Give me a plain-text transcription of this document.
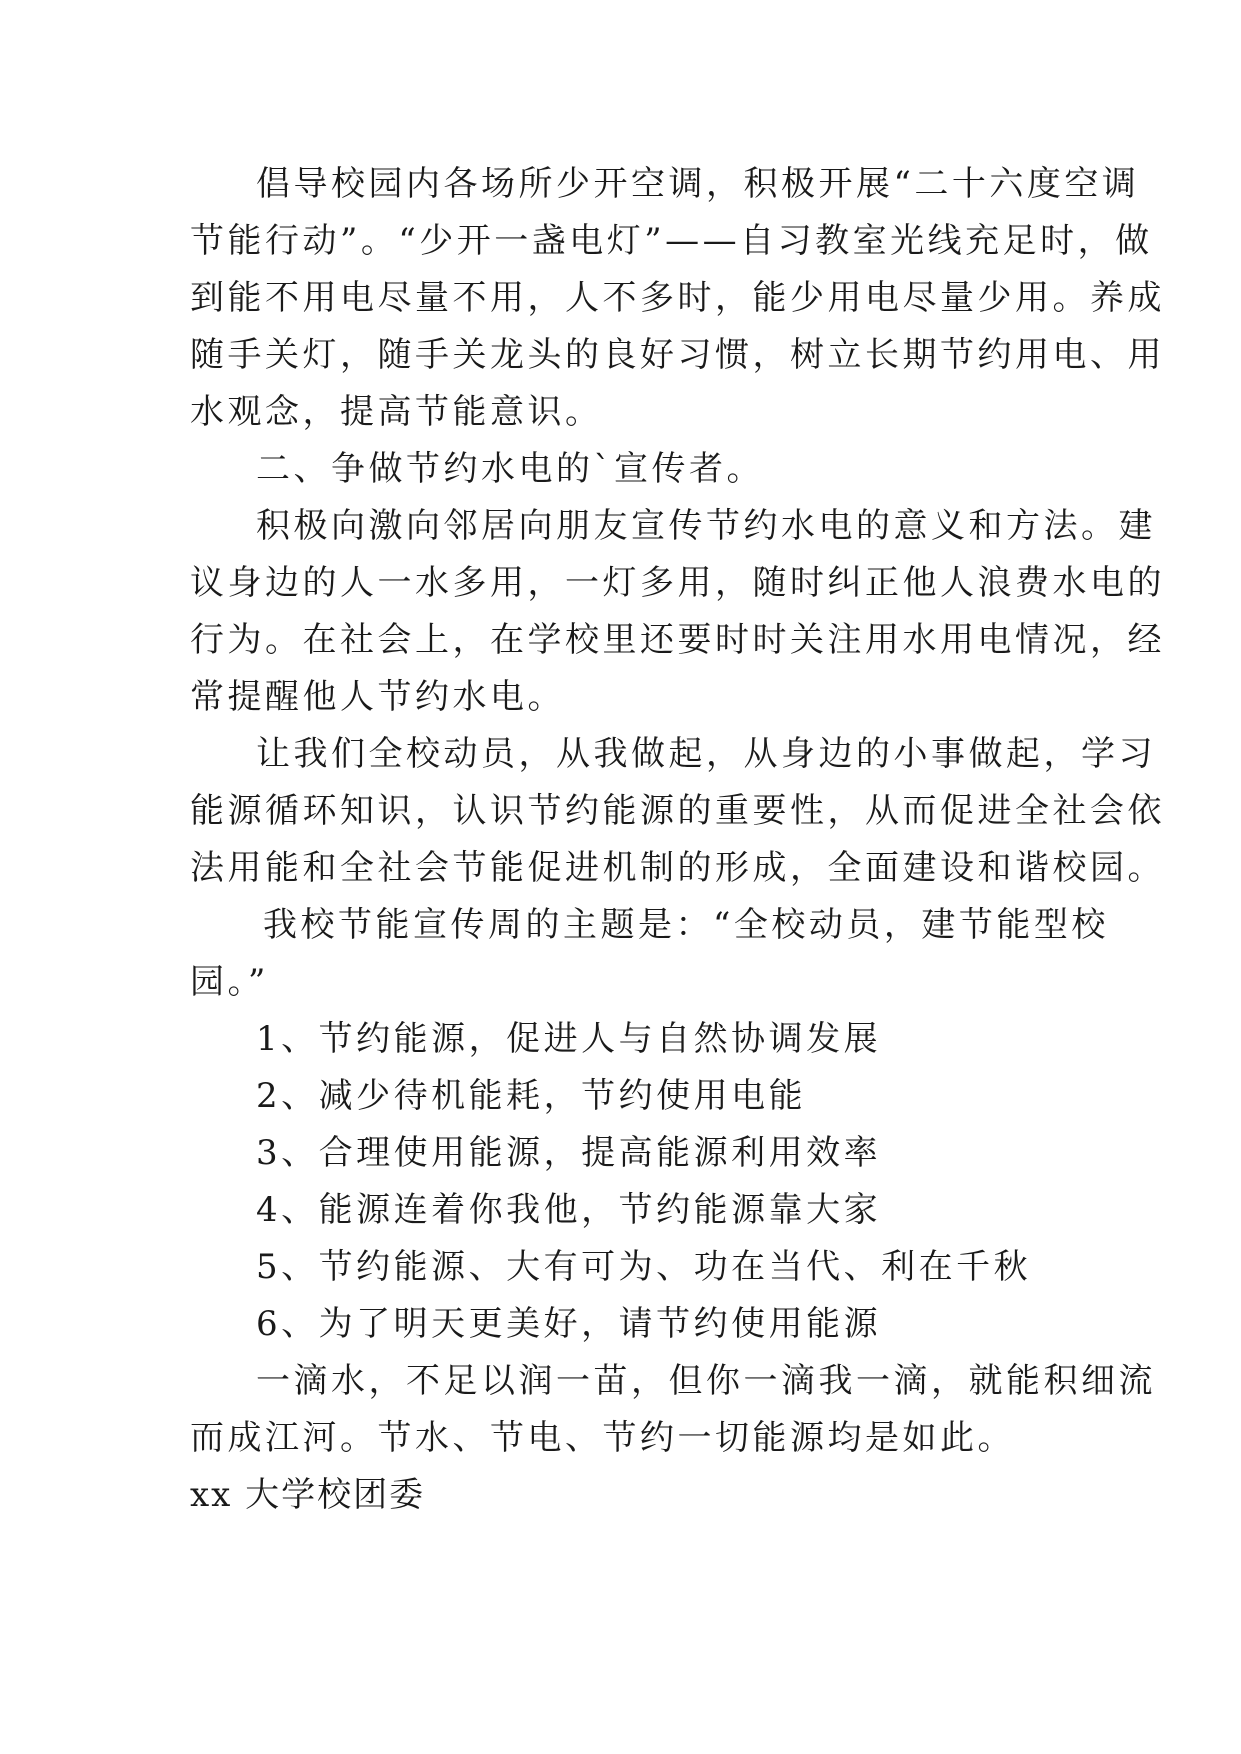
倡导校园内各场所少开空调，积极开展“二十六度空调
节能行动”。“少开一盏电灯”——自习教室光线充足时，做
到能不用电尽量不用，人不多时，能少用电尽量少用。养成
随手关灯，随手关龙头的良好习惯，树立长期节约用电、用
水观念，提高节能意识。
二、争做节约水电的`宣传者。
积极向激向邻居向朋友宣传节约水电的意义和方法。建
议身边的人一水多用，一灯多用，随时纠正他人浪费水电的
行为。在社会上，在学校里还要时时关注用水用电情况，经
常提醒他人节约水电。
让我们全校动员，从我做起，从身边的小事做起，学习
能源循环知识，认识节约能源的重要性，从而促进全社会依
法用能和全社会节能促进机制的形成，全面建设和谐校园。
我校节能宣传周的主题是：“全校动员，建节能型校
园。”
1、节约能源，促进人与自然协调发展
2、减少待机能耗，节约使用电能
3、合理使用能源，提高能源利用效率
4、能源连着你我他，节约能源靠大家
5、节约能源、大有可为、功在当代、利在千秋
6、为了明天更美好，请节约使用能源
一滴水，不足以润一苗，但你一滴我一滴，就能积细流
而成江河。节水、节电、节约一切能源均是如此。
xx 大学校团委
